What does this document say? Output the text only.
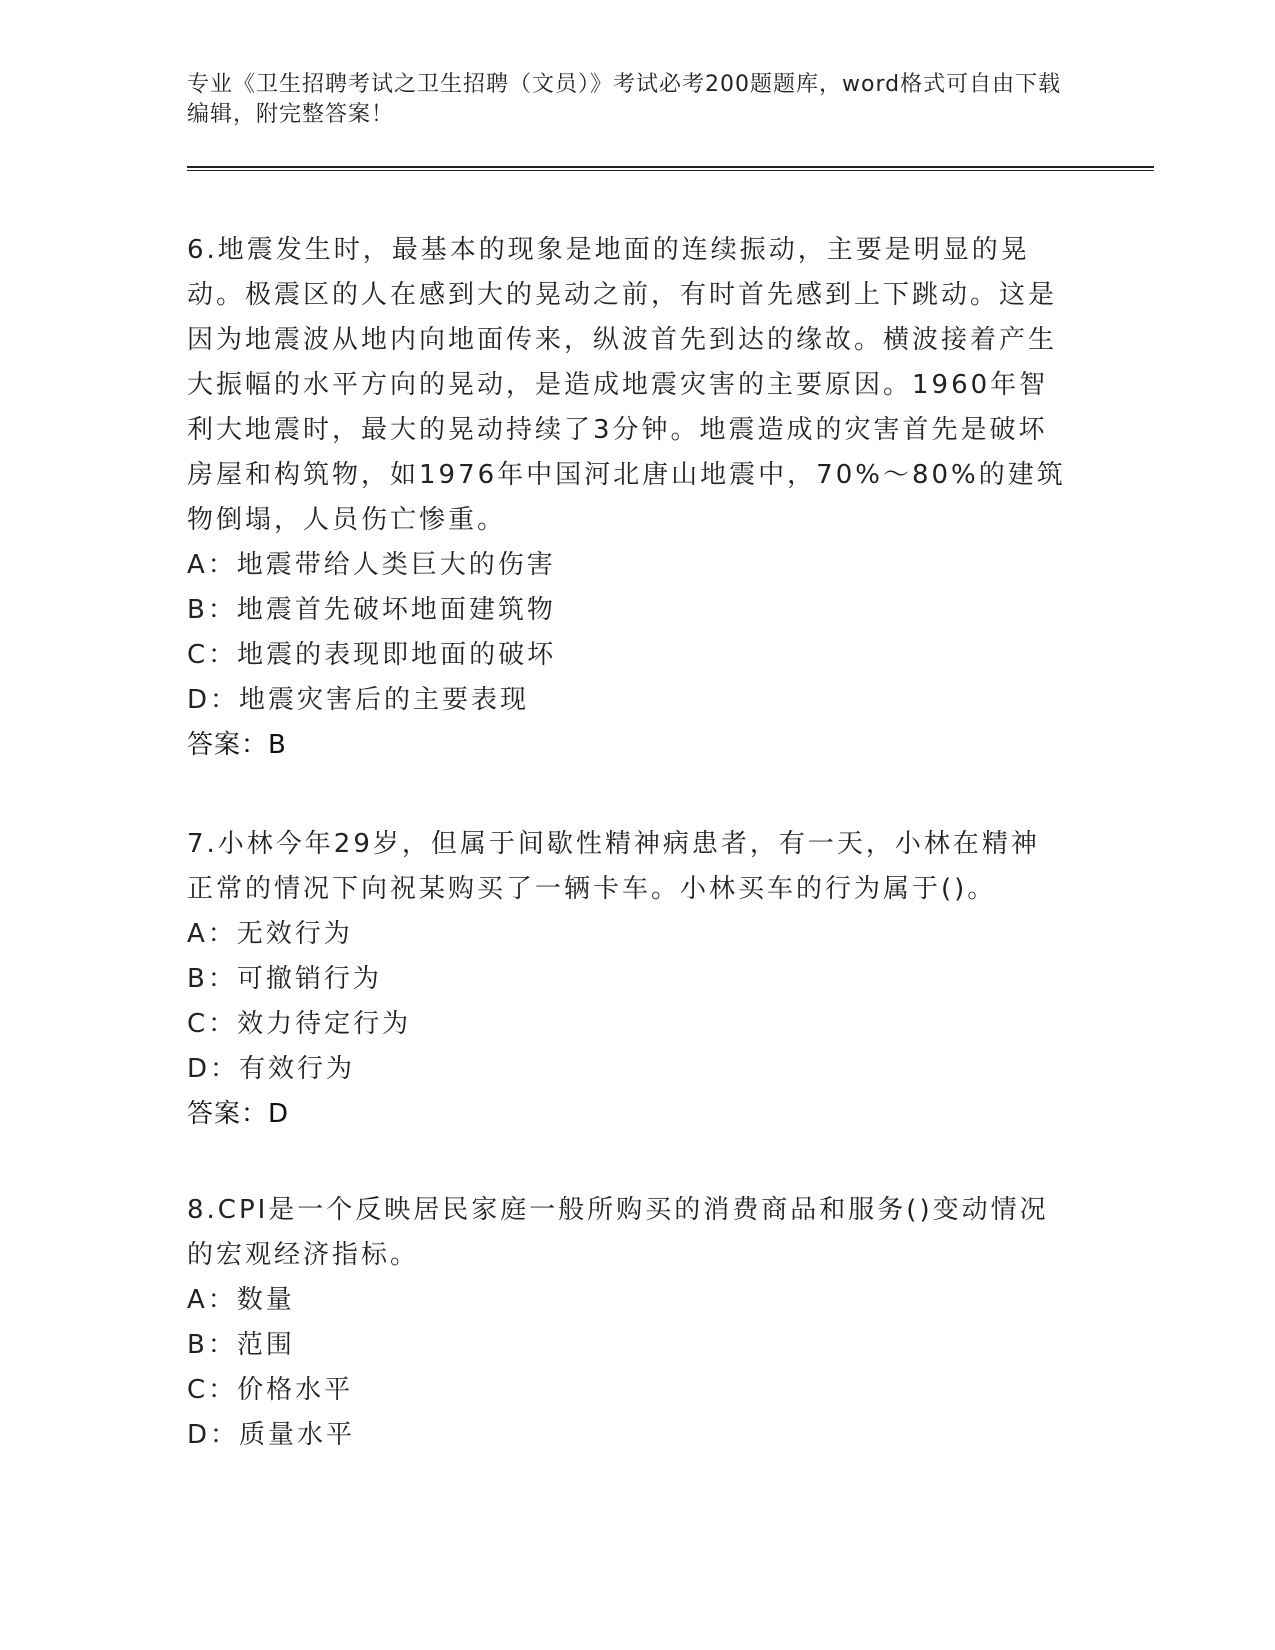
专业《卫生招聘考试之卫生招聘（文员）》考试必考200题题库，word格式可自由下载编辑，附完整答案！

6.地震发生时，最基本的现象是地面的连续振动，主要是明显的晃动。极震区的人在感到大的晃动之前，有时首先感到上下跳动。这是因为地震波从地内向地面传来，纵波首先到达的缘故。横波接着产生大振幅的水平方向的晃动，是造成地震灾害的主要原因。1960年智利大地震时，最大的晃动持续了3分钟。地震造成的灾害首先是破坏房屋和构筑物，如1976年中国河北唐山地震中，70%～80%的建筑物倒塌，人员伤亡惨重。

A：地震带给人类巨大的伤害

B：地震首先破坏地面建筑物

C：地震的表现即地面的破坏

D：地震灾害后的主要表现

答案：B

7.小林今年29岁，但属于间歇性精神病患者，有一天，小林在精神正常的情况下向祝某购买了一辆卡车。小林买车的行为属于()。

A：无效行为

B：可撤销行为

C：效力待定行为

D：有效行为

答案：D

8.CPI是一个反映居民家庭一般所购买的消费商品和服务()变动情况的宏观经济指标。

A：数量

B：范围

C：价格水平

D：质量水平
